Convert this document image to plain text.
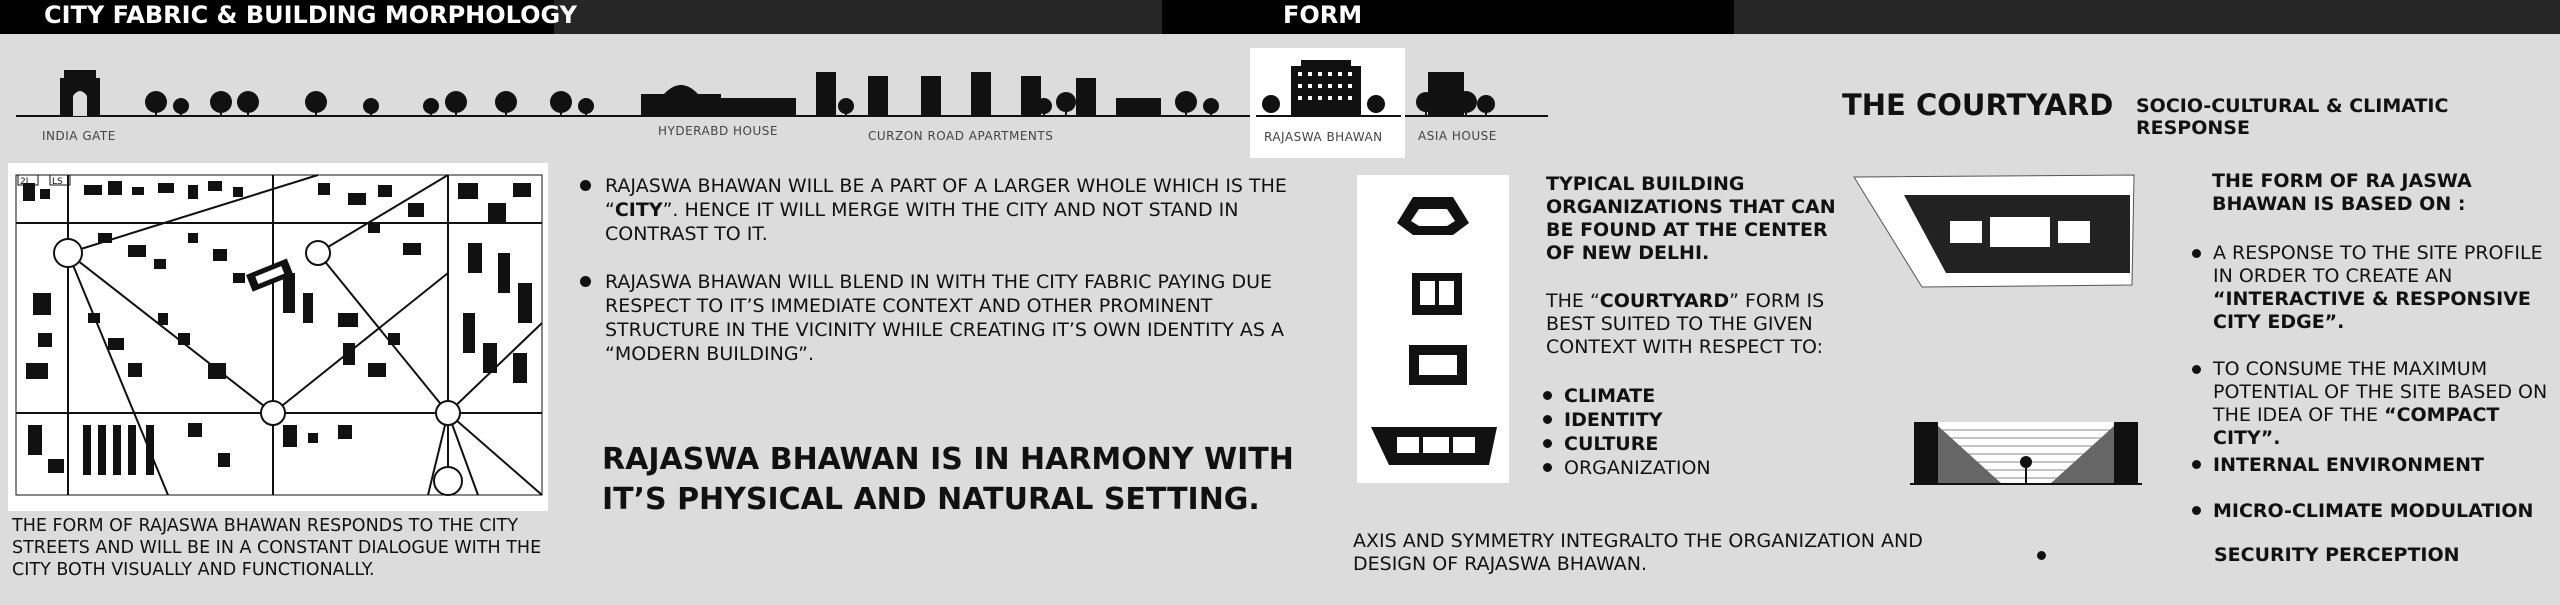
CITY FABRIC & BUILDING MORPHOLOGY	FORM
INDIA GATE	HYDERABD HOUSE	CURZON ROAD APARTMENTS	RAJASWA BHAWAN	ASIA HOUSE
THE COURTYARD SOCIO-CULTURAL & CLIMATIC RESPONSE
2J	LS
THE FORM OF RAJASWA BHAWAN RESPONDS TO THE CITY STREETS AND WILL BE IN A CONSTANT DIALOGUE WITH THE CITY BOTH VISUALLY AND FUNCTIONALLY.
RAJASWA BHAWAN WILL BE A PART OF A LARGER WHOLE WHICH IS THE “CITY”. HENCE IT WILL MERGE WITH THE CITY AND NOT STAND IN CONTRAST TO IT.
RAJASWA BHAWAN WILL BLEND IN WITH THE CITY FABRIC PAYING DUE RESPECT TO IT’S IMMEDIATE CONTEXT AND OTHER PROMINENT STRUCTURE IN THE VICINITY WHILE CREATING IT’S OWN IDENTITY AS A “MODERN BUILDING”.
RAJASWA BHAWAN IS IN HARMONY WITH IT’S PHYSICAL AND NATURAL SETTING.
TYPICAL BUILDING ORGANIZATIONS THAT CAN BE FOUND AT THE CENTER OF NEW DELHI.
THE “COURTYARD” FORM IS BEST SUITED TO THE GIVEN CONTEXT WITH RESPECT TO:
CLIMATE
IDENTITY
CULTURE
ORGANIZATION
AXIS AND SYMMETRY INTEGRALTO THE ORGANIZATION AND DESIGN OF RAJASWA BHAWAN.
THE FORM OF RA JASWA BHAWAN IS BASED ON :
A RESPONSE TO THE SITE PROFILE IN ORDER TO CREATE AN “INTERACTIVE & RESPONSIVE CITY EDGE”.
TO CONSUME THE MAXIMUM POTENTIAL OF THE SITE BASED ON THE IDEA OF THE “COMPACT CITY”.
INTERNAL ENVIRONMENT
MICRO-CLIMATE MODULATION
SECURITY PERCEPTION
